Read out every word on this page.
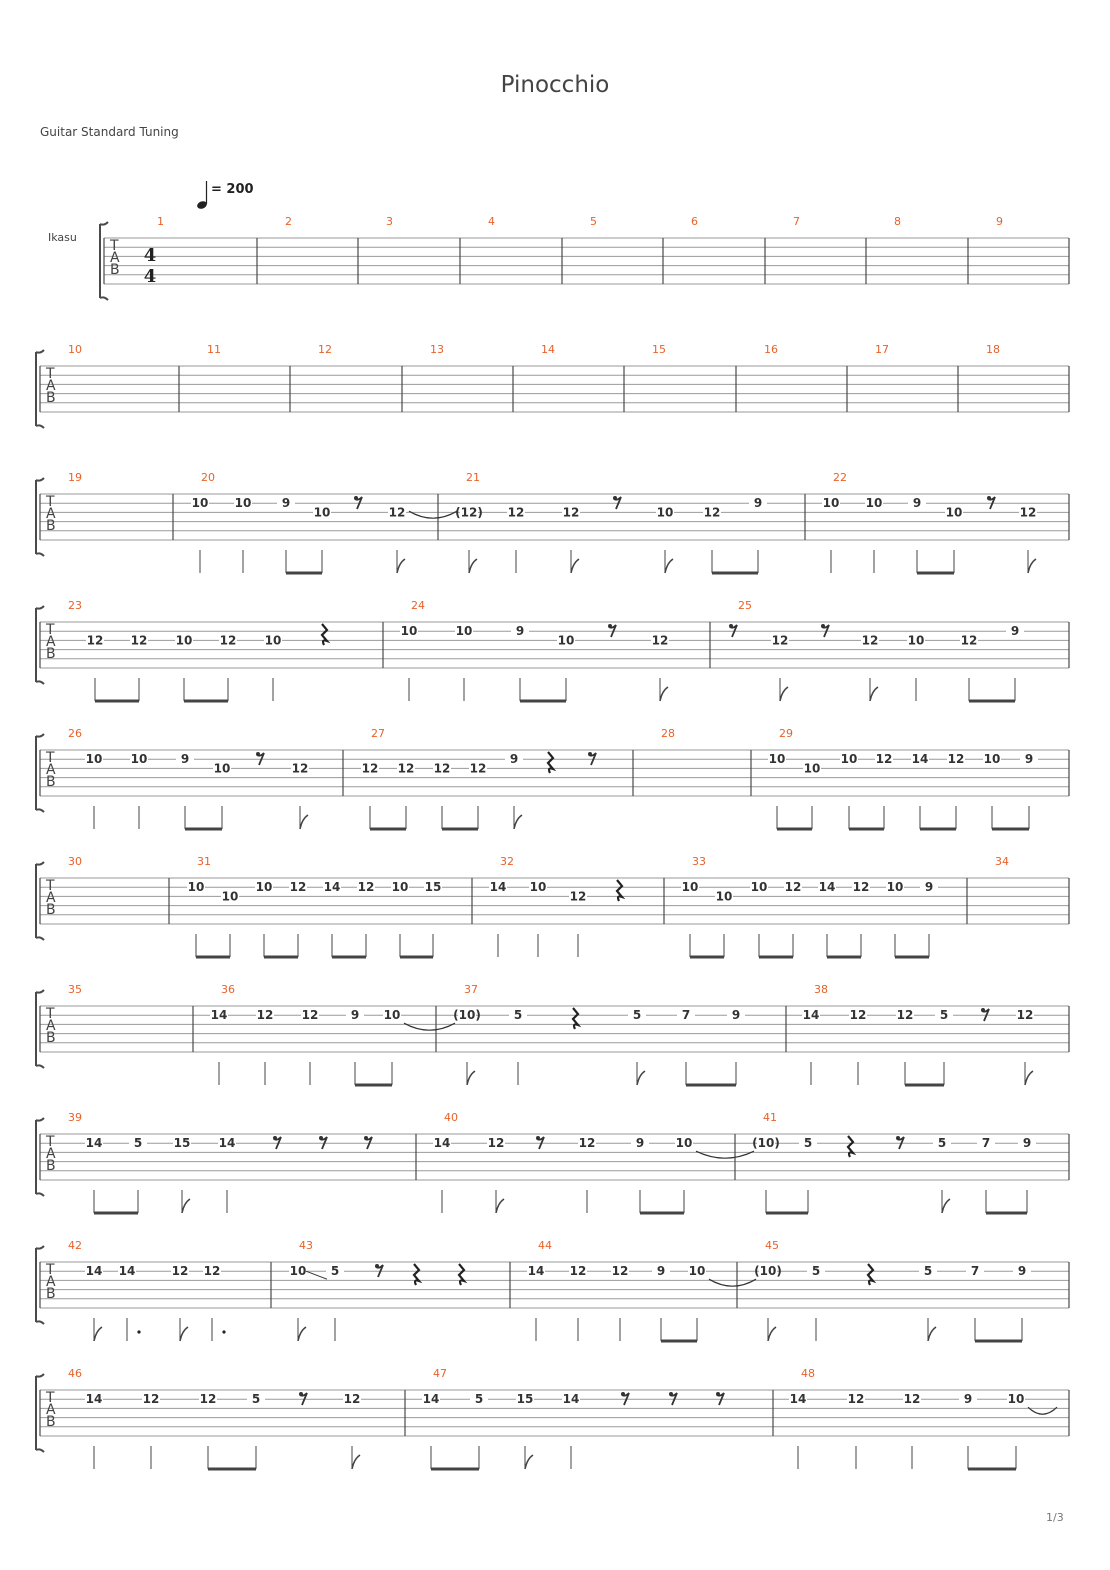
Pinocchio
Guitar Standard Tuning
1/3
T
A
B
1	2	3	4	5	6	7	8	9
T
A
B
10	11	12	13	14	15	16	17	18
T
A
B
19	20
10 10	9
10	12
21
(12) 12	12	10	12
9
22
10 10	9
10	12
T
A
B
23
12 12 10 12 10
24
10	10	9
10	12
25
12	12 10	12
9
T
A
B
26
10 10	9
10	12
27
12 12 12 12
9
28	29
10
10
10 12 14 12 10 9
T
A
B
30	31
10
10
10 12 14 12 10 15
32
14 10
12
33
10
10
10 12 14 12 10 9
34
T
A
B
35	36
14 12 12	9 10
37
(10)	5	5	7	9
38
14	12	12 5	12
T
A
B
39
14	5	15 14
40
14	12	12	9	10
41
(10) 5	5	7	9
T
A
B
42
14 14	12 12
43
10 5
44
14 12 12 9 10
45
(10) 5	5	7	9
T
A
B
46
14	12	12	5	12
47
14	5	15 14
48
14	12	12	9	10
4
4
Ikasu
= 200
